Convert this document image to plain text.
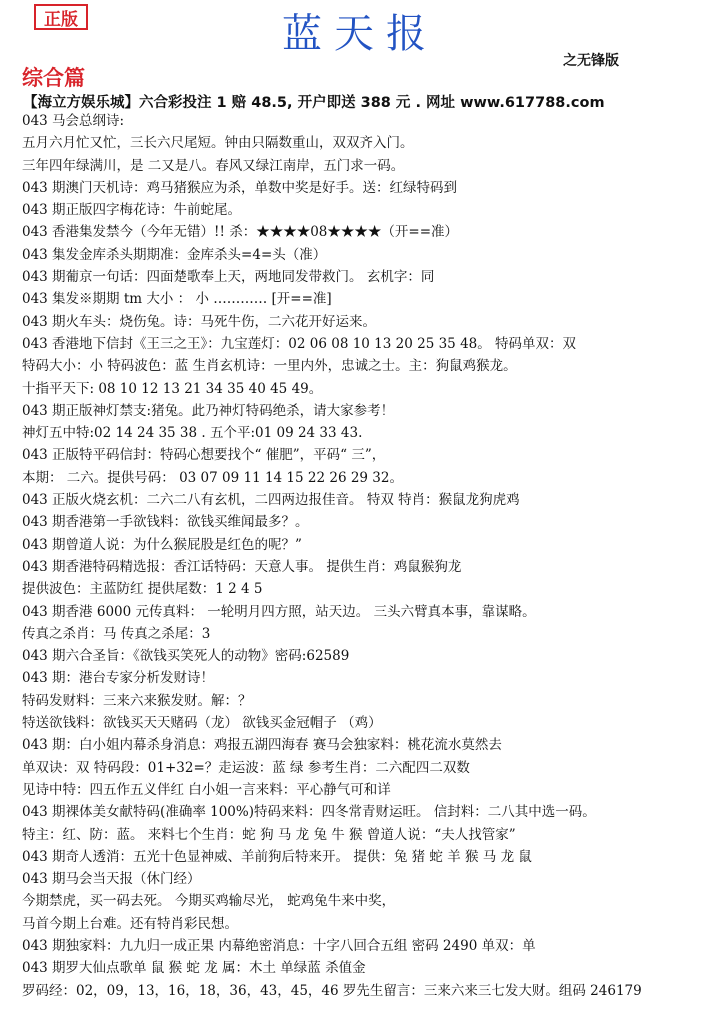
正版	蓝天报
之无锋版
综合篇
【海立方娱乐城】六合彩投注 1 赔 48.5, 开户即送 388 元 . 网址 www.617788.com
043 马会总纲诗:
五月六月忙又忙，三长六尺尾短。钟由只隔数重山，双双齐入门。
三年四年绿满川，是 二又是八。春风又绿江南岸，五门求一码。
043 期澳门天机诗：鸡马猪猴应为杀，单数中奖是好手。送：红绿特码到
043 期正版四字梅花诗：牛前蛇尾。
043 香港集发禁今（今年无错）!! 杀：★★★★08★★★★（开==准）
043 集发金库杀头期期准：金库杀头=4=头（准）
043 期葡京一句话：四面楚歌奉上天，两地同发带救门。 玄机字：同
043 集发※期期 tm 大小 ： 小 ………… [开==准]
043 期火车头：烧伤兔。诗：马死牛伤，二六花开好运来。
043 香港地下信封《王三之王》：九宝莲灯：02 06 08 10 13 20 25 35 48。 特码单双：双
特码大小：小 特码波色：蓝 生肖玄机诗：一里内外，忠诚之士。主：狗鼠鸡猴龙。
十指平天下: 08 10 12 13 21 34 35 40 45 49。
043 期正版神灯禁支:猪兔。此乃神灯特码绝杀，请大家参考！
神灯五中特:02 14 24 35 38 . 五个平:01 09 24 33 43.
043 正版特平码信封：特码心想要找个“ 催肥”，平码“ 三”，
本期： 二六。提供号码： 03 07 09 11 14 15 22 26 29 32。
043 正版火烧玄机：二六二八有玄机，二四两边报佳音。 特双 特肖：猴鼠龙狗虎鸡
043 期香港第一手欲钱料：欲钱买维闻最多？。
043 期曾道人说：为什么猴屁股是红色的呢？”
043 期香港特码精选报：香江话特码：天意人事。 提供生肖：鸡鼠猴狗龙
提供波色：主蓝防红 提供尾数：1 2 4 5
043 期香港 6000 元传真料： 一轮明月四方照，站天边。 三头六臂真本事，靠谋略。
传真之杀肖：马 传真之杀尾：3
043 期六合圣旨：《欲钱买笑死人的动物》密码:62589
043 期：港台专家分析发财诗！
特码发财料：三来六来猴发财。解：？
特送欲钱料：欲钱买天天赌码（龙） 欲钱买金冠帽子 （鸡）
043 期：白小姐内幕杀身消息：鸡报五湖四海春 赛马会独家料：桃花流水莫然去
单双诀：双 特码段：01+32=？走运波：蓝 绿 参考生肖：二六配四二双数
见诗中特：四五作五义伴红 白小姐一言来料：平心静气可和详
043 期裸体美女献特码(准确率 100%)特码来料：四冬常青财运旺。 信封料：二八其中选一码。
特主：红、防：蓝。 来料七个生肖：蛇 狗 马 龙 兔 牛 猴 曾道人说：“夫人找管家”
043 期奇人透消：五光十色显神威、羊前狗后特来开。 提供：兔 猪 蛇 羊 猴 马 龙 鼠
043 期马会当天报（休门经）
今期禁虎，买一码去死。 今期买鸡输尽光， 蛇鸡兔牛来中奖，
马首今期上台难。还有特肖彩民想。
043 期独家料：九九归一成正果 内幕绝密消息：十字八回合五组 密码 2490 单双：单
043 期罗大仙点歌单 鼠 猴 蛇 龙 属：木土 单绿蓝 杀值金
罗码经：02，09，13，16，18，36，43，45，46 罗先生留言：三来六来三七发大财。组码 246179
